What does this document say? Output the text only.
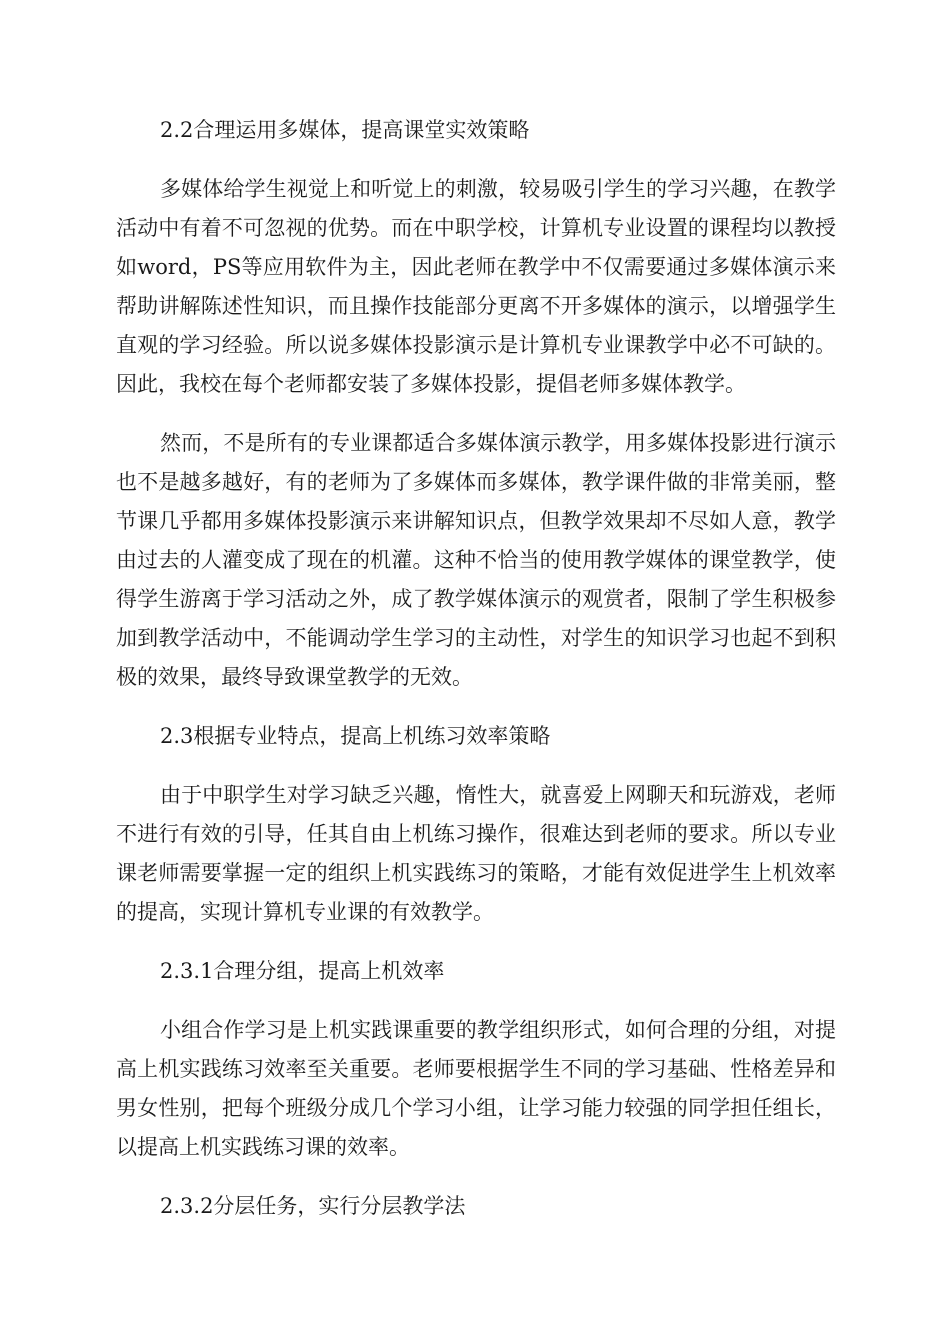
2.2合理运用多媒体，提高课堂实效策略

多媒体给学生视觉上和听觉上的刺激，较易吸引学生的学习兴趣，在教学活动中有着不可忽视的优势。而在中职学校，计算机专业设置的课程均以教授如word，PS等应用软件为主，因此老师在教学中不仅需要通过多媒体演示来帮助讲解陈述性知识，而且操作技能部分更离不开多媒体的演示，以增强学生直观的学习经验。所以说多媒体投影演示是计算机专业课教学中必不可缺的。因此，我校在每个老师都安装了多媒体投影，提倡老师多媒体教学。

然而，不是所有的专业课都适合多媒体演示教学，用多媒体投影进行演示也不是越多越好，有的老师为了多媒体而多媒体，教学课件做的非常美丽，整节课几乎都用多媒体投影演示来讲解知识点，但教学效果却不尽如人意，教学由过去的人灌变成了现在的机灌。这种不恰当的使用教学媒体的课堂教学，使得学生游离于学习活动之外，成了教学媒体演示的观赏者，限制了学生积极参加到教学活动中，不能调动学生学习的主动性，对学生的知识学习也起不到积极的效果，最终导致课堂教学的无效。

2.3根据专业特点，提高上机练习效率策略

由于中职学生对学习缺乏兴趣，惰性大，就喜爱上网聊天和玩游戏，老师不进行有效的引导，任其自由上机练习操作，很难达到老师的要求。所以专业课老师需要掌握一定的组织上机实践练习的策略，才能有效促进学生上机效率的提高，实现计算机专业课的有效教学。

2.3.1合理分组，提高上机效率

小组合作学习是上机实践课重要的教学组织形式，如何合理的分组，对提高上机实践练习效率至关重要。老师要根据学生不同的学习基础、性格差异和男女性别，把每个班级分成几个学习小组，让学习能力较强的同学担任组长，以提高上机实践练习课的效率。

2.3.2分层任务，实行分层教学法
